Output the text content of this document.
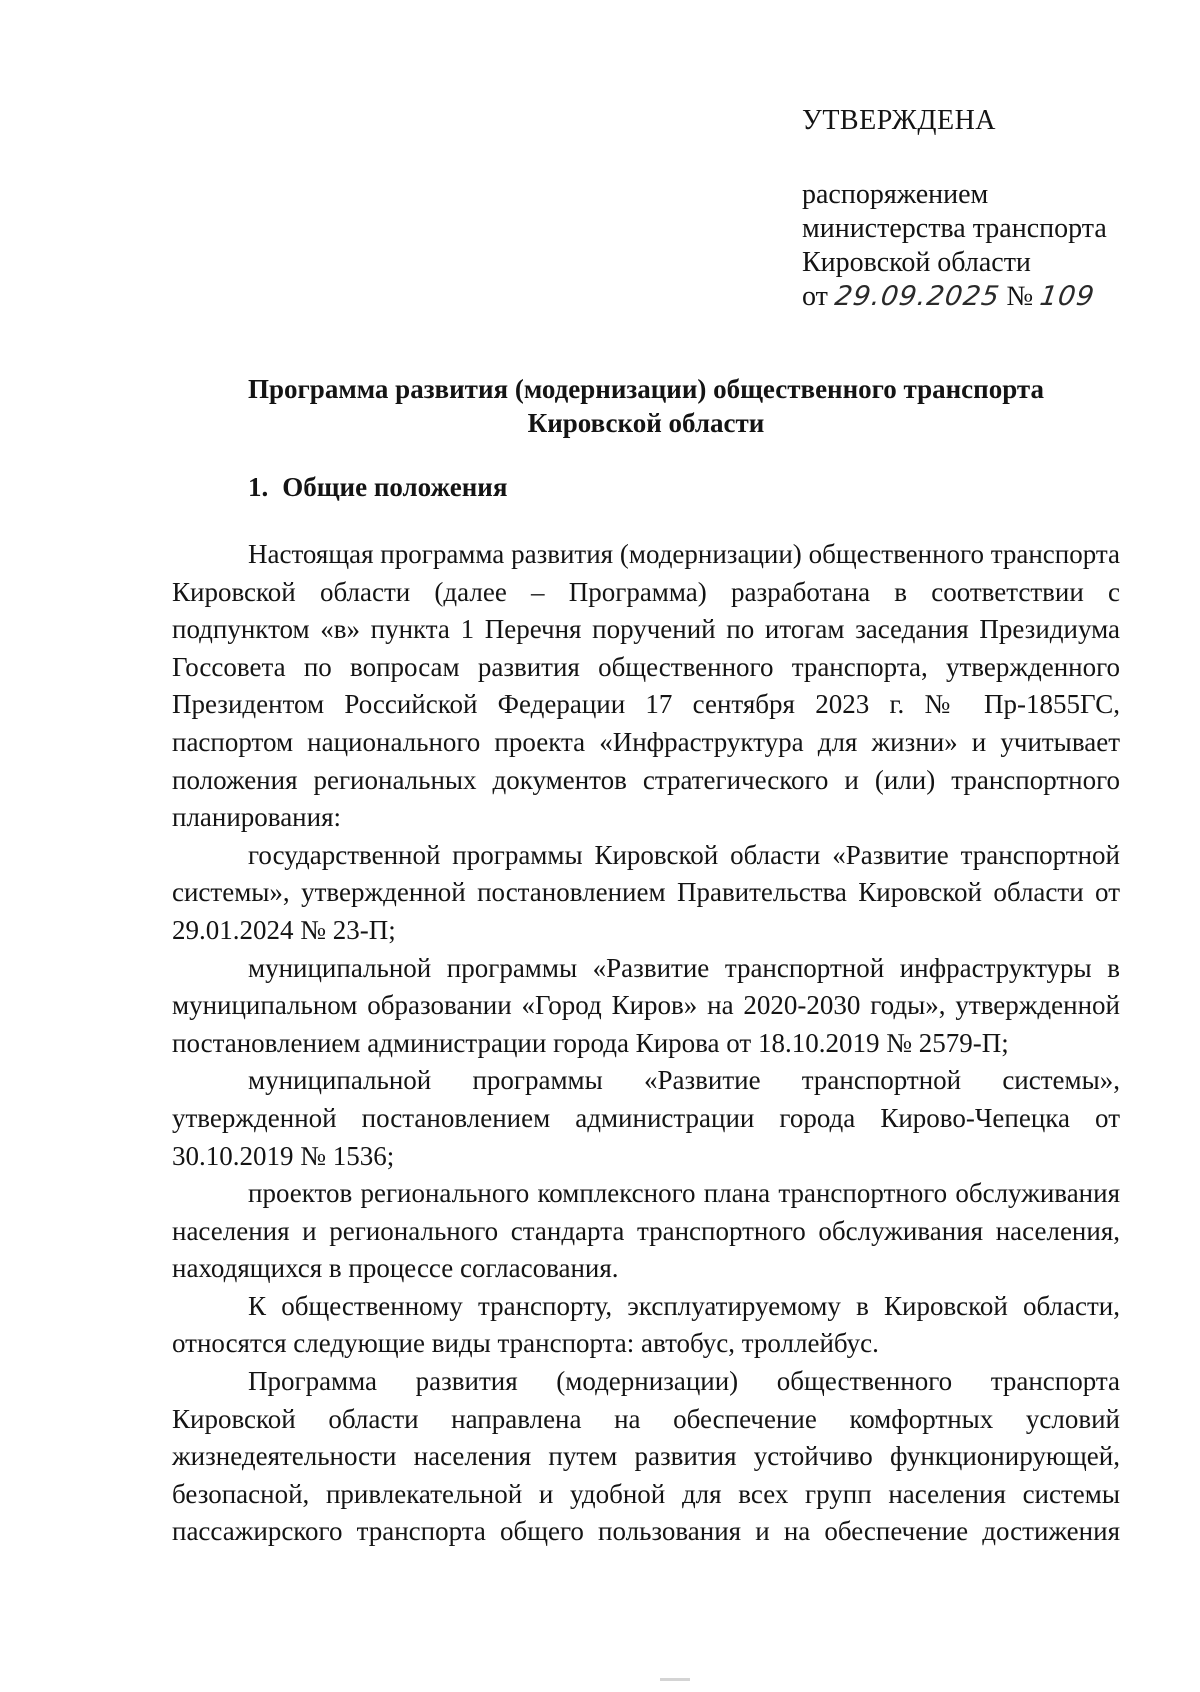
УТВЕРЖДЕНА
распоряжением
министерства транспорта
Кировской области
от 29.09.2025 № 109
Программа развития (модернизации) общественного транспорта
Кировской области
1. Общие положения

Настоящая программа развития (модернизации) общественного транспорта Кировской области (далее – Программа) разработана в соответствии с подпунктом «в» пункта 1 Перечня поручений по итогам заседания Президиума Госсовета по вопросам развития общественного транспорта, утвержденного Президентом Российской Федерации 17 сентября 2023 г. № Пр-1855ГС, паспортом национального проекта «Инфраструктура для жизни» и учитывает положения региональных документов стратегического и (или) транспортного планирования:

государственной программы Кировской области «Развитие транспортной системы», утвержденной постановлением Правительства Кировской области от 29.01.2024 № 23-П;

муниципальной программы «Развитие транспортной инфраструктуры в муниципальном образовании «Город Киров» на 2020-2030 годы», утвержденной постановлением администрации города Кирова от 18.10.2019 № 2579-П;

муниципальной программы «Развитие транспортной системы», утвержденной постановлением администрации города Кирово-Чепецка от 30.10.2019 № 1536;

проектов регионального комплексного плана транспортного обслуживания населения и регионального стандарта транспортного обслуживания населения, находящихся в процессе согласования.

К общественному транспорту, эксплуатируемому в Кировской области, относятся следующие виды транспорта: автобус, троллейбус.

Программа развития (модернизации) общественного транспорта Кировской области направлена на обеспечение комфортных условий жизнедеятельности населения путем развития устойчиво функционирующей, безопасной, привлекательной и удобной для всех групп населения системы пассажирского транспорта общего пользования и на обеспечение достижения
